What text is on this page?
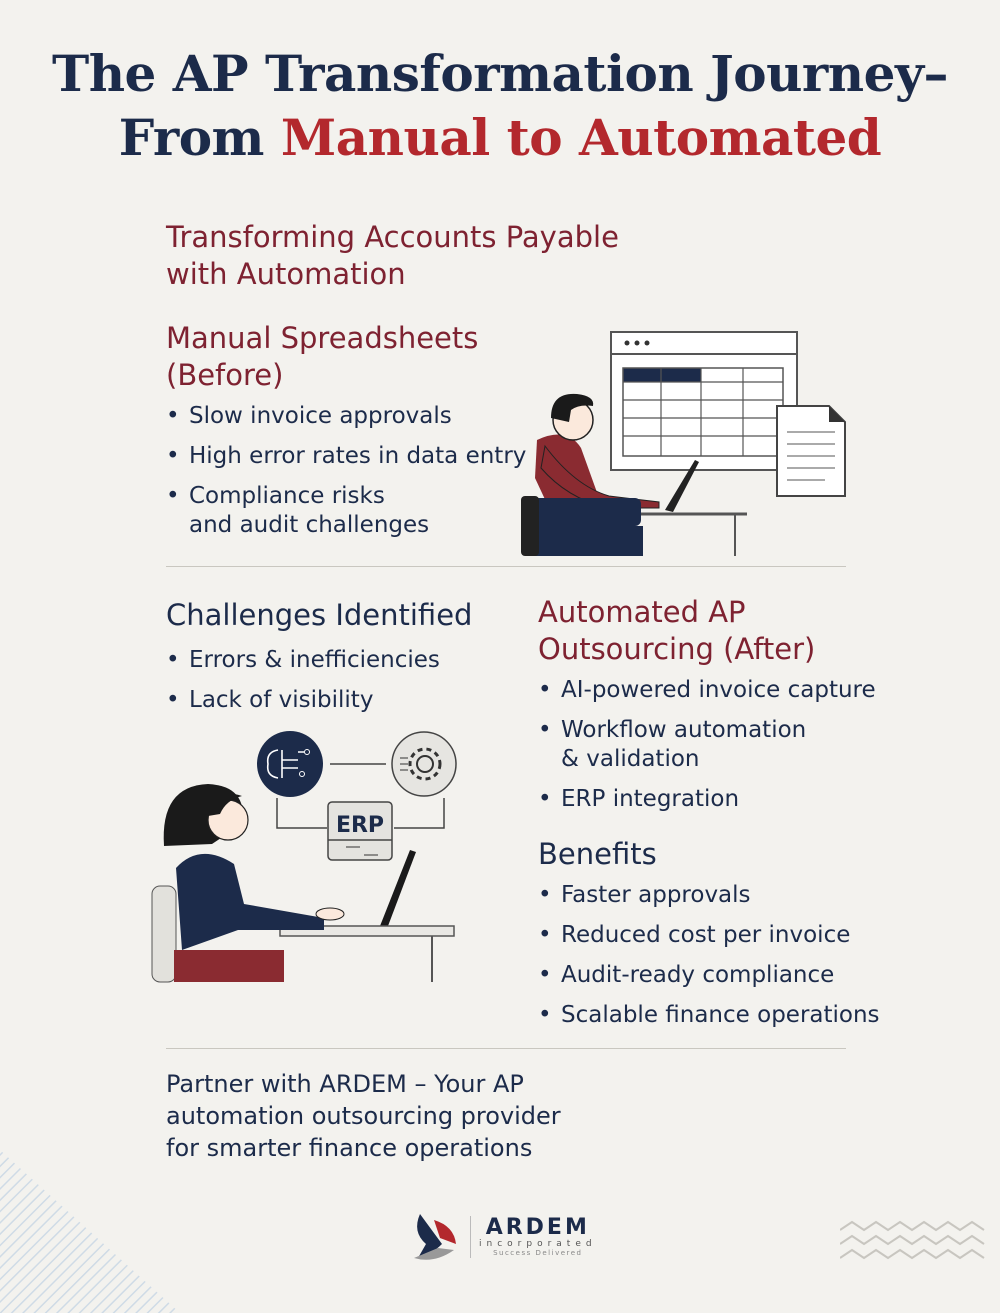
The AP Transformation Journey–
From Manual to Automated
Transforming Accounts Payable
with Automation
Manual Spreadsheets
(Before)
• Slow invoice approvals
• High error rates in data entry
• Compliance risks
and audit challenges
Challenges Identified
• Errors & inefficiencies
• Lack of visibility
Automated AP
Outsourcing (After)
• AI-powered invoice capture
• Workflow automation
& validation
• ERP integration
Benefits
• Faster approvals
• Reduced cost per invoice
• Audit-ready compliance
• Scalable finance operations
ERP
Partner with ARDEM – Your AP
automation outsourcing provider
for smarter finance operations
ARDEM
incorporated
Success Delivered
